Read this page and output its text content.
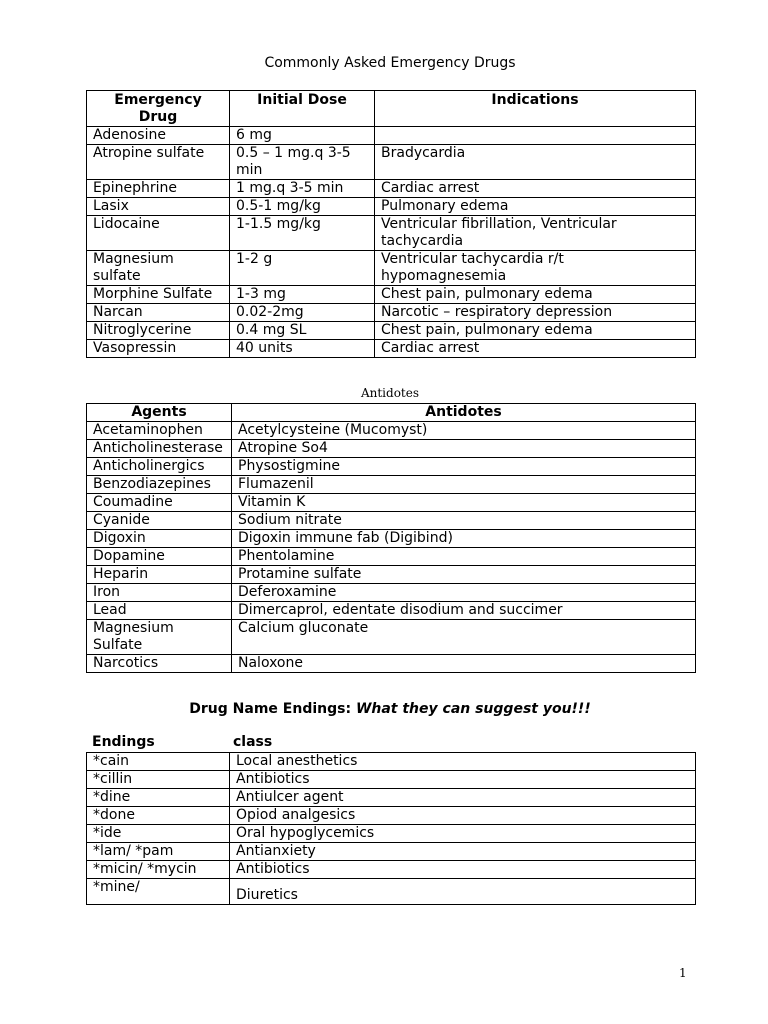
Commonly Asked Emergency Drugs
Emergency Drug	Initial Dose	Indications
Adenosine	6 mg	
Atropine sulfate	0.5 – 1 mg.q 3-5 min	Bradycardia
Epinephrine	1 mg.q 3-5 min	Cardiac arrest
Lasix	0.5-1 mg/kg	Pulmonary edema
Lidocaine	1-1.5 mg/kg	Ventricular fibrillation, Ventricular tachycardia
Magnesium sulfate	1-2 g	Ventricular tachycardia r/t hypomagnesemia
Morphine Sulfate	1-3 mg	Chest pain, pulmonary edema
Narcan	0.02-2mg	Narcotic – respiratory depression
Nitroglycerine	0.4 mg SL	Chest pain, pulmonary edema
Vasopressin	40 units	Cardiac arrest
Antidotes
Agents	Antidotes
Acetaminophen	Acetylcysteine (Mucomyst)
Anticholinesterase	Atropine So4
Anticholinergics	Physostigmine
Benzodiazepines	Flumazenil
Coumadine	Vitamin K
Cyanide	Sodium nitrate
Digoxin	Digoxin immune fab (Digibind)
Dopamine	Phentolamine
Heparin	Protamine sulfate
Iron	Deferoxamine
Lead	Dimercaprol, edentate disodium and succimer
Magnesium Sulfate	Calcium gluconate
Narcotics	Naloxone
Drug Name Endings: What they can suggest you!!!
Endings	class
*cain	Local anesthetics
*cillin	Antibiotics
*dine	Antiulcer agent
*done	Opiod analgesics
*ide	Oral hypoglycemics
*lam/ *pam	Antianxiety
*micin/ *mycin	Antibiotics
*mine/	Diuretics
1
